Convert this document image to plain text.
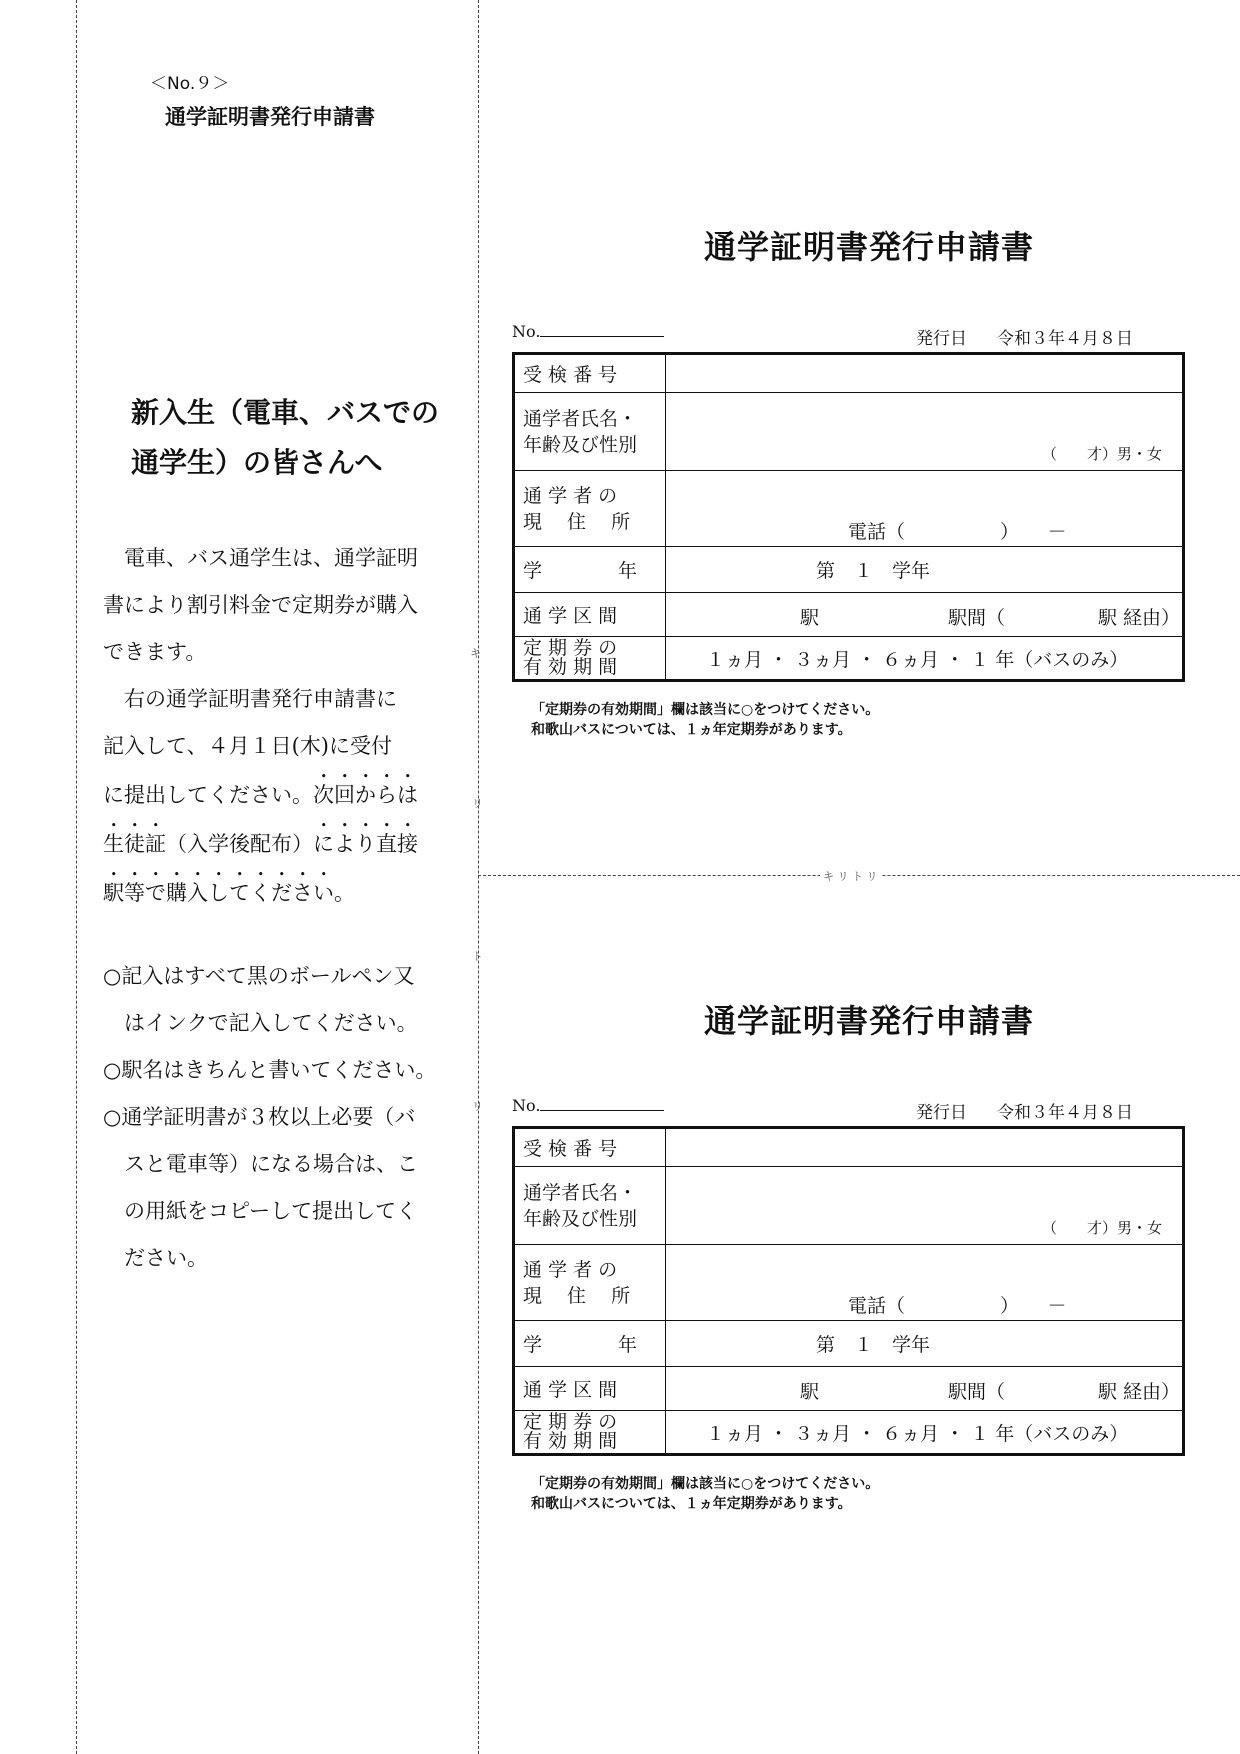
キ
リ
ト
リ
キ リ ト リ
＜No.９＞
通学証明書発行申請書
新入生（電車、バスでの
通学生）の皆さんへ
電車、バス通学生は、通学証明
書により割引料金で定期券が購入
できます。
右の通学証明書発行申請書に
記入して、４月１日(木)に受付
に提出してください。次回からは
生徒証（入学後配布）により直接
駅等で購入してください。
○記入はすべて黒のボールペン又
　はインクで記入してください。
○駅名はきちんと書いてください。
○通学証明書が３枚以上必要（バ
　スと電車等）になる場合は、こ
　の用紙をコピーして提出してく
　ださい。
通学証明書発行申請書
No.	発行日 令和３年４月８日
受 検 番 号	

通学者氏名・
年齢及び性別	（　　才）男・女

通 学 者 の
現　 住 　所	電話（　　　　　）　　－

学　　　　年	第　１　学年
通 学 区 間	駅 駅間（ 駅 経由）

定 期 券 の
有 効 期 間	１ヵ月 ・ ３ヵ月 ・ ６ヵ月 ・ １ 年（バスのみ）
「定期券の有効期間」欄は該当に○をつけてください。
和歌山バスについては、１ヵ年定期券があります。
通学証明書発行申請書
No.	発行日 令和３年４月８日
受 検 番 号	

通学者氏名・
年齢及び性別	（　　才）男・女

通 学 者 の
現　 住 　所	電話（　　　　　）　　－

学　　　　年	第　１　学年
通 学 区 間	駅 駅間（ 駅 経由）

定 期 券 の
有 効 期 間	１ヵ月 ・ ３ヵ月 ・ ６ヵ月 ・ １ 年（バスのみ）
「定期券の有効期間」欄は該当に○をつけてください。
和歌山バスについては、１ヵ年定期券があります。
